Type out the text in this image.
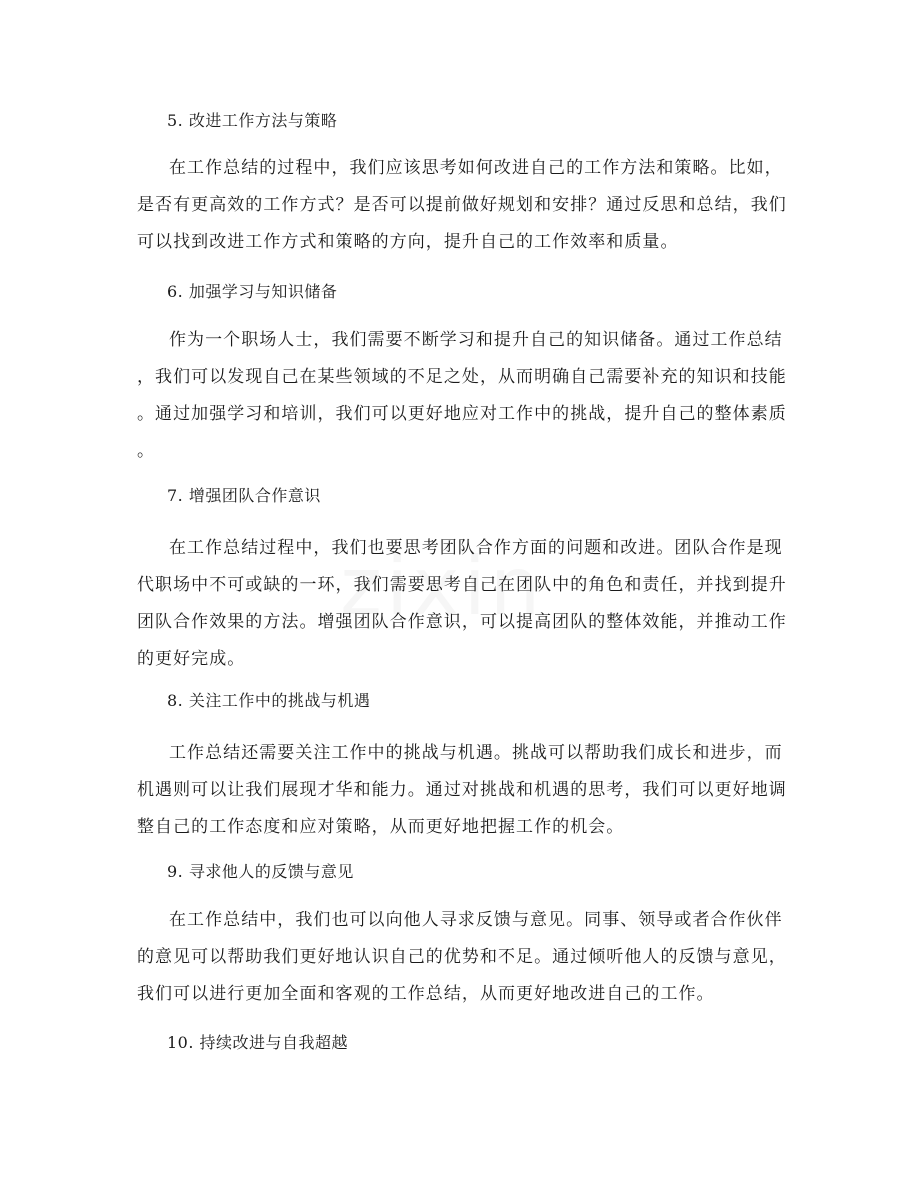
5. 改进工作方法与策略
在工作总结的过程中，我们应该思考如何改进自己的工作方法和策略。比如，
是否有更高效的工作方式？是否可以提前做好规划和安排？通过反思和总结，我们
可以找到改进工作方式和策略的方向，提升自己的工作效率和质量。
6. 加强学习与知识储备
作为一个职场人士，我们需要不断学习和提升自己的知识储备。通过工作总结
，我们可以发现自己在某些领域的不足之处，从而明确自己需要补充的知识和技能
。通过加强学习和培训，我们可以更好地应对工作中的挑战，提升自己的整体素质
。
7. 增强团队合作意识
在工作总结过程中，我们也要思考团队合作方面的问题和改进。团队合作是现
代职场中不可或缺的一环，我们需要思考自己在团队中的角色和责任，并找到提升
团队合作效果的方法。增强团队合作意识，可以提高团队的整体效能，并推动工作
的更好完成。
8. 关注工作中的挑战与机遇
工作总结还需要关注工作中的挑战与机遇。挑战可以帮助我们成长和进步，而
机遇则可以让我们展现才华和能力。通过对挑战和机遇的思考，我们可以更好地调
整自己的工作态度和应对策略，从而更好地把握工作的机会。
9. 寻求他人的反馈与意见
在工作总结中，我们也可以向他人寻求反馈与意见。同事、领导或者合作伙伴
的意见可以帮助我们更好地认识自己的优势和不足。通过倾听他人的反馈与意见，
我们可以进行更加全面和客观的工作总结，从而更好地改进自己的工作。
10. 持续改进与自我超越
